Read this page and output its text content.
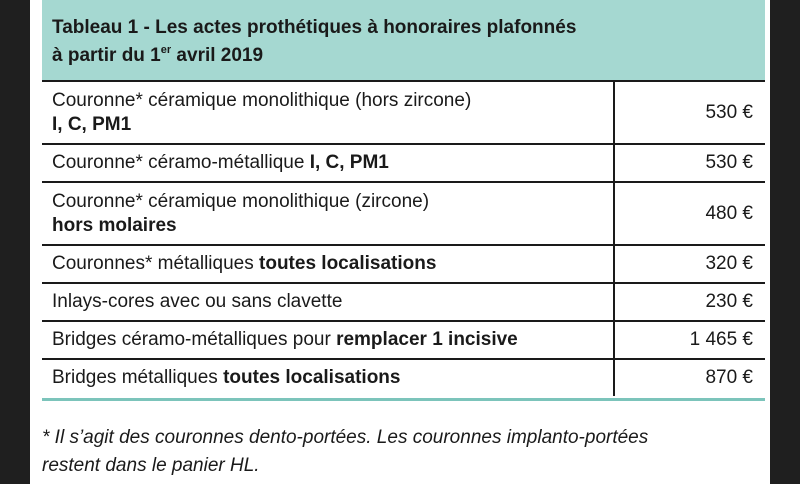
Tableau 1 - Les actes prothétiques à honoraires plafonnés
à partir du 1er avril 2019
Couronne* céramique monolithique (hors zircone)
I, C, PM1	530 €
Couronne* céramo-métallique I, C, PM1	530 €

Couronne* céramique monolithique (zircone)
hors molaires	480 €
Couronnes* métalliques toutes localisations	320 €
Inlays-cores avec ou sans clavette	230 €
Bridges céramo-métalliques pour remplacer 1 incisive	1 465 €
Bridges métalliques toutes localisations	870 €
* Il s’agit des couronnes dento-portées. Les couronnes implanto-portées
restent dans le panier HL.
